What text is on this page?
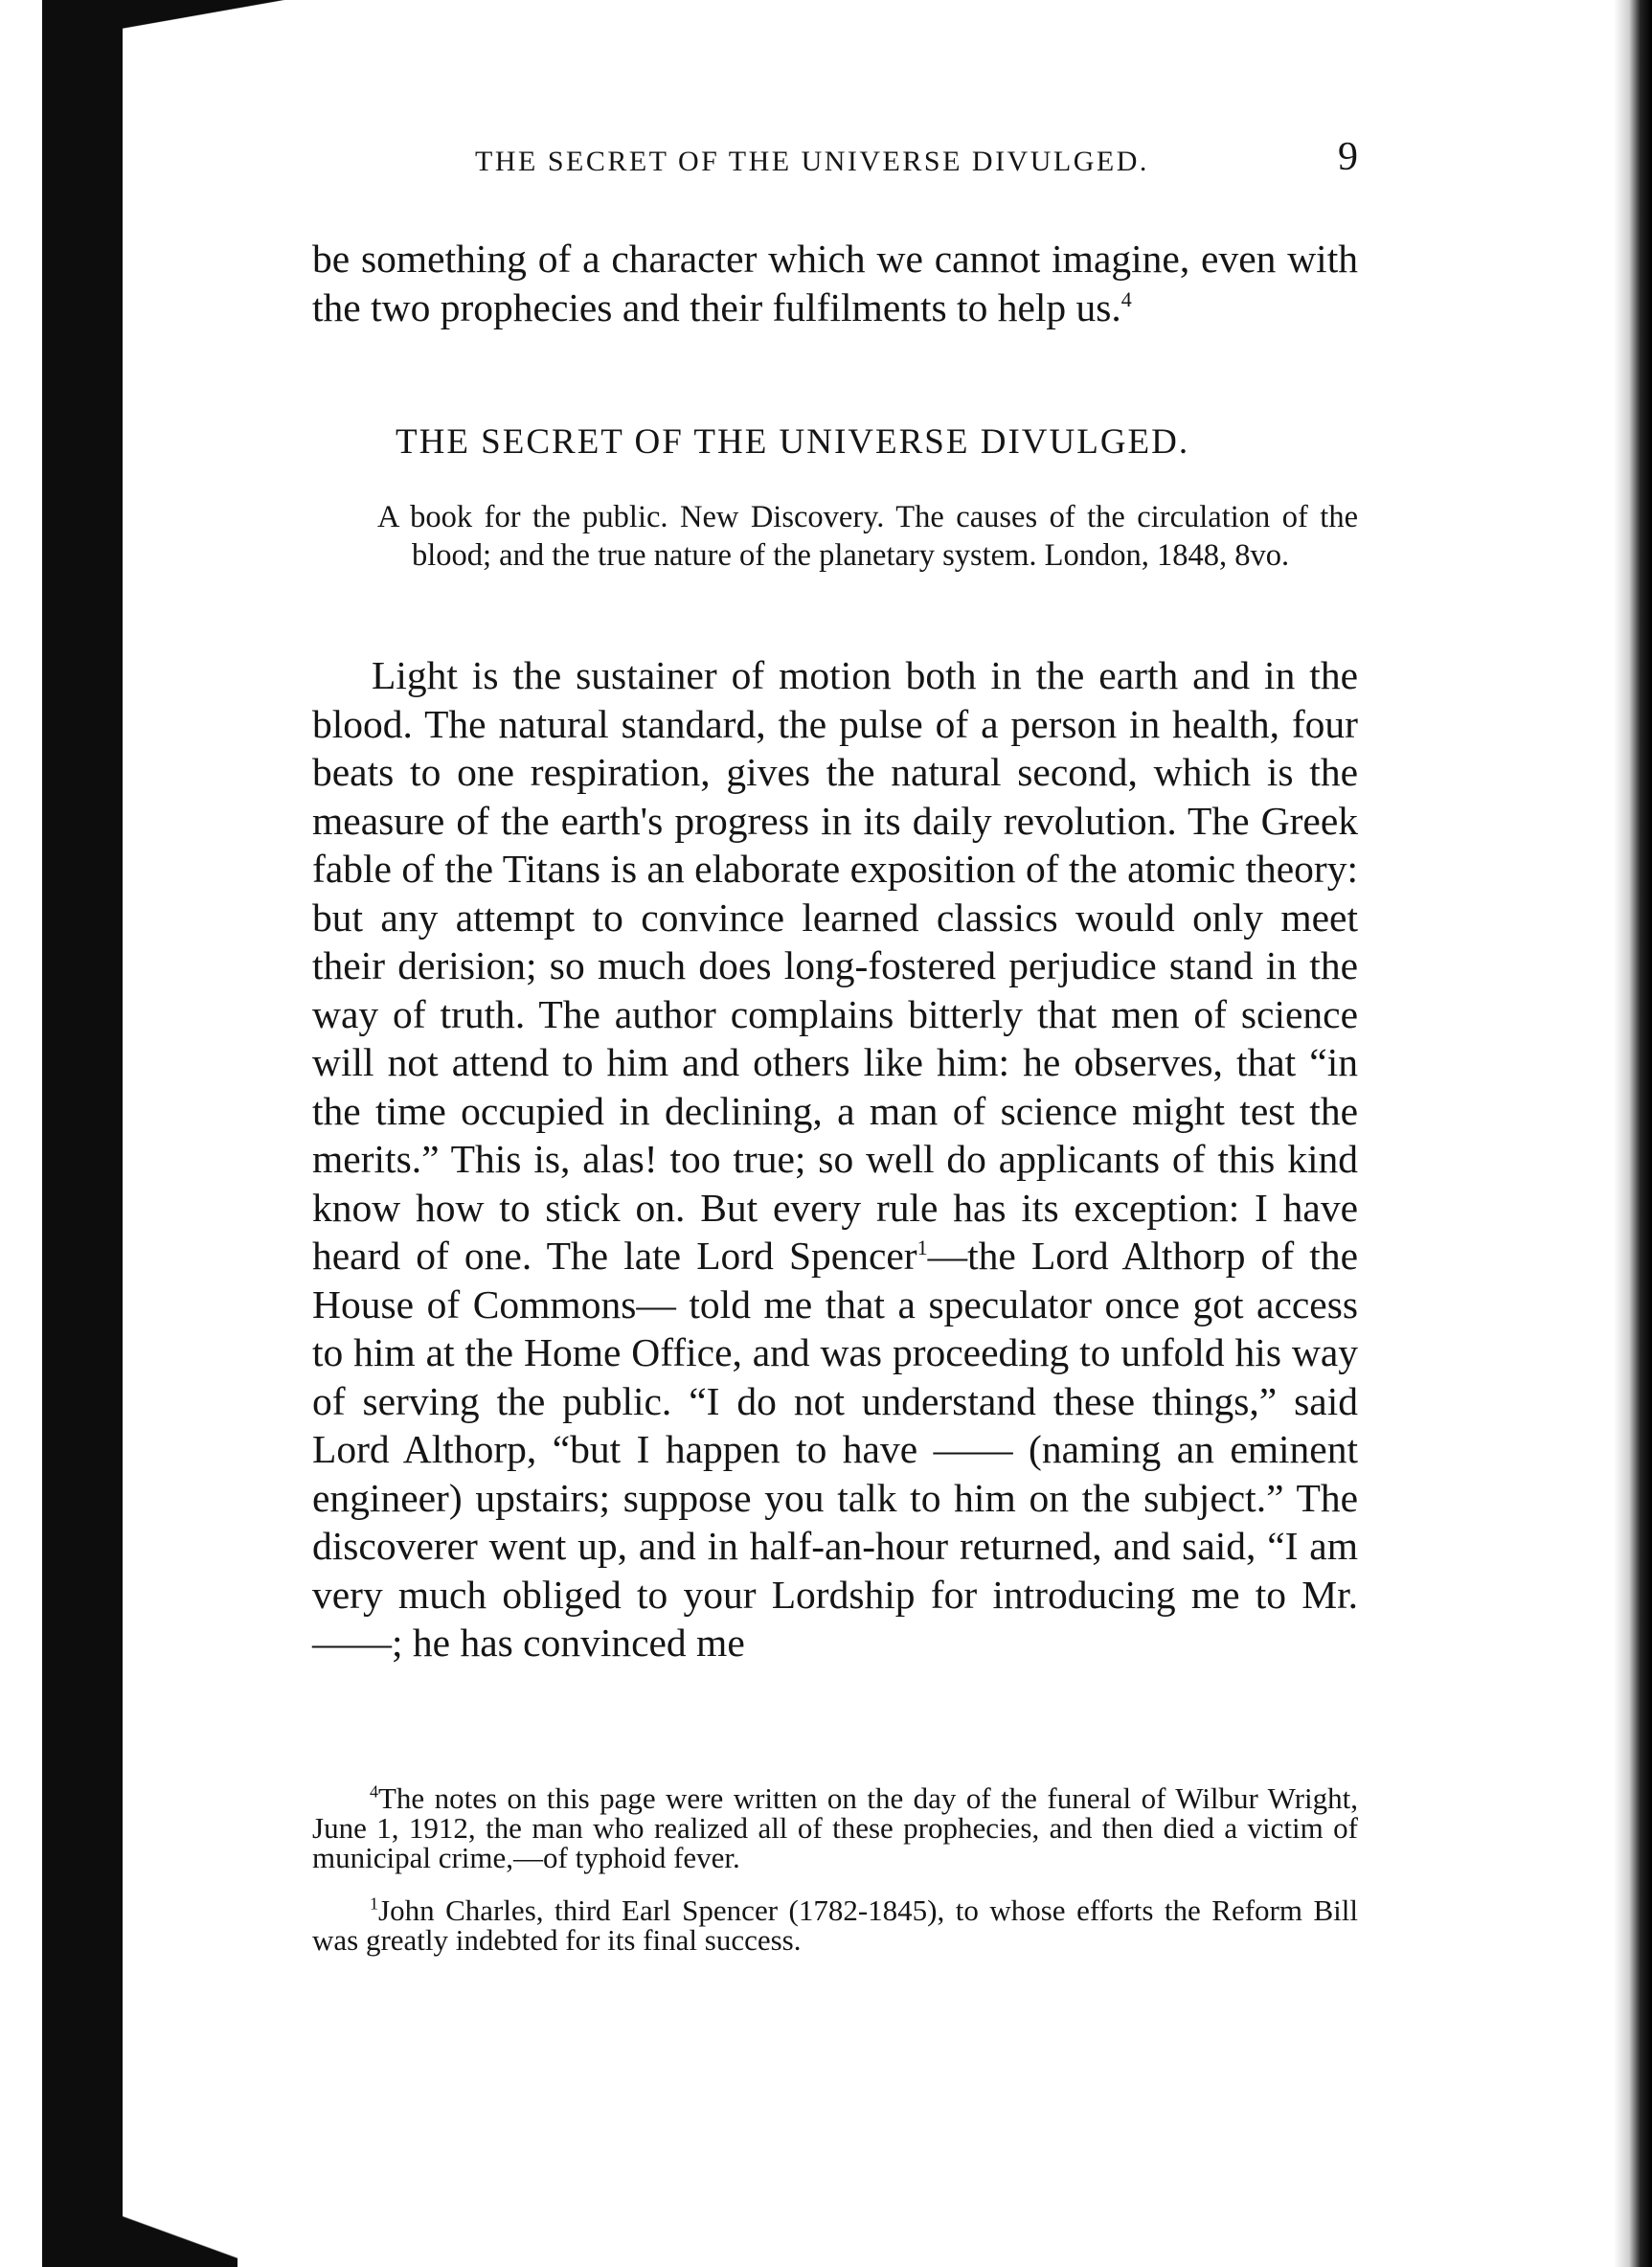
THE SECRET OF THE UNIVERSE DIVULGED.	9

be something of a character which we cannot imagine, even with the two prophecies and their fulfilments to help us.$^4$

THE SECRET OF THE UNIVERSE DIVULGED.

A book for the public. New Discovery. The causes of the circulation of the blood; and the true nature of the planetary system. London, 1848, 8vo.

Light is the sustainer of motion both in the earth and in the blood. The natural standard, the pulse of a person in health, four beats to one respiration, gives the natural second, which is the measure of the earth's progress in its daily revolution. The Greek fable of the Titans is an elaborate exposition of the atomic theory: but any attempt to convince learned classics would only meet their derision; so much does long-fostered perjudice stand in the way of truth. The author complains bitterly that men of science will not attend to him and others like him: he observes, that “in the time occupied in declining, a man of science might test the merits.” This is, alas! too true; so well do applicants of this kind know how to stick on. But every rule has its exception: I have heard of one. The late Lord Spencer$^1$—the Lord Althorp of the House of Commons— told me that a speculator once got access to him at the Home Office, and was proceeding to unfold his way of serving the public. “I do not understand these things,” said Lord Althorp, “but I happen to have —— (naming an eminent engineer) upstairs; suppose you talk to him on the subject.” The discoverer went up, and in half-an-hour returned, and said, “I am very much obliged to your Lordship for introducing me to Mr. ——; he has convinced me

$^4$The notes on this page were written on the day of the funeral of Wilbur Wright, June 1, 1912, the man who realized all of these prophecies, and then died a victim of municipal crime,—of typhoid fever.

$^1$John Charles, third Earl Spencer (1782-1845), to whose efforts the Reform Bill was greatly indebted for its final success.
